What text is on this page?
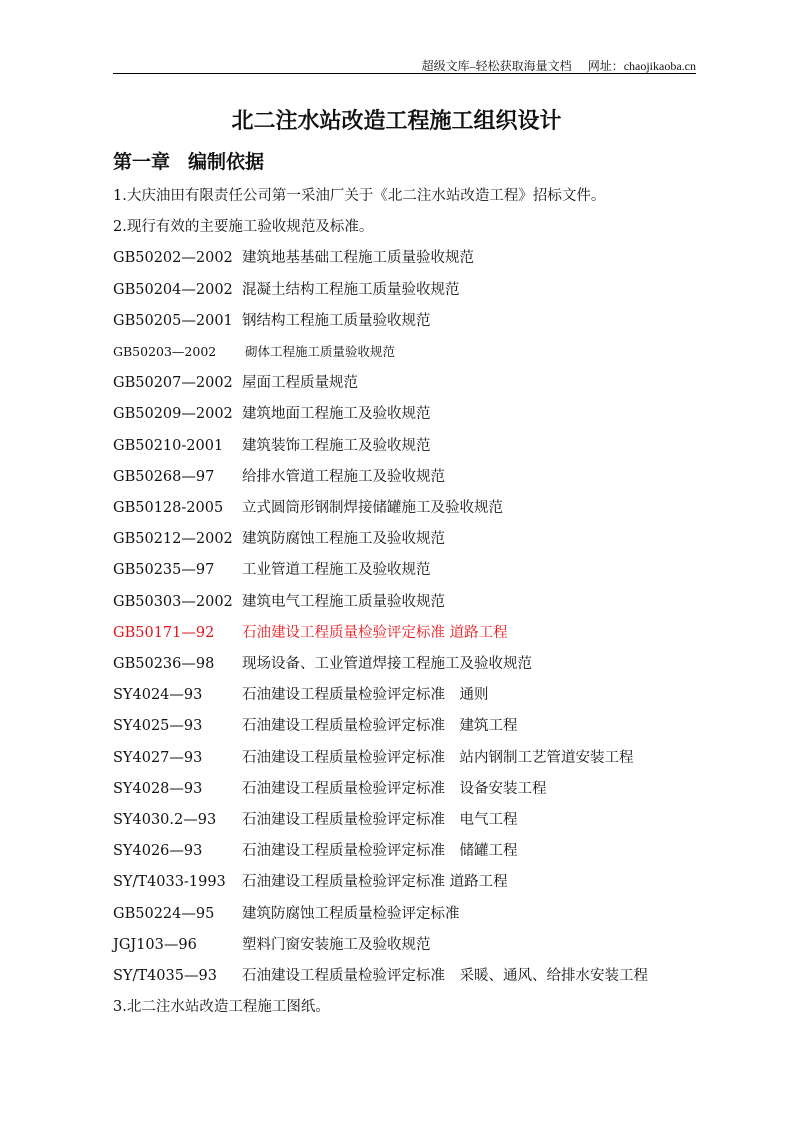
超级文库–轻松获取海量文档 网址：chaojikaoba.cn
北二注水站改造工程施工组织设计
第一章 编制依据
1.大庆油田有限责任公司第一采油厂关于《北二注水站改造工程》招标文件。
2.现行有效的主要施工验收规范及标准。
GB50202—2002 建筑地基基础工程施工质量验收规范
GB50204—2002 混凝土结构工程施工质量验收规范
GB50205—2001 钢结构工程施工质量验收规范
GB50203—2002 砌体工程施工质量验收规范
GB50207—2002 屋面工程质量规范
GB50209—2002 建筑地面工程施工及验收规范
GB50210-2001 建筑装饰工程施工及验收规范
GB50268—97 给排水管道工程施工及验收规范
GB50128-2005 立式圆筒形钢制焊接储罐施工及验收规范
GB50212—2002 建筑防腐蚀工程施工及验收规范
GB50235—97 工业管道工程施工及验收规范
GB50303—2002 建筑电气工程施工质量验收规范
GB50171—92 石油建设工程质量检验评定标准 道路工程
GB50236—98 现场设备、工业管道焊接工程施工及验收规范
SY4024—93	石油建设工程质量检验评定标准　通则
SY4025—93	石油建设工程质量检验评定标准　建筑工程
SY4027—93	石油建设工程质量检验评定标准　站内钢制工艺管道安装工程
SY4028—93	石油建设工程质量检验评定标准　设备安装工程
SY4030.2—93 石油建设工程质量检验评定标准　电气工程
SY4026—93	石油建设工程质量检验评定标准　储罐工程
SY/T4033-1993 石油建设工程质量检验评定标准 道路工程
GB50224—95 建筑防腐蚀工程质量检验评定标准
JGJ103—96	塑料门窗安装施工及验收规范
SY/T4035—93 石油建设工程质量检验评定标准　采暖、通风、给排水安装工程
3.北二注水站改造工程施工图纸。
